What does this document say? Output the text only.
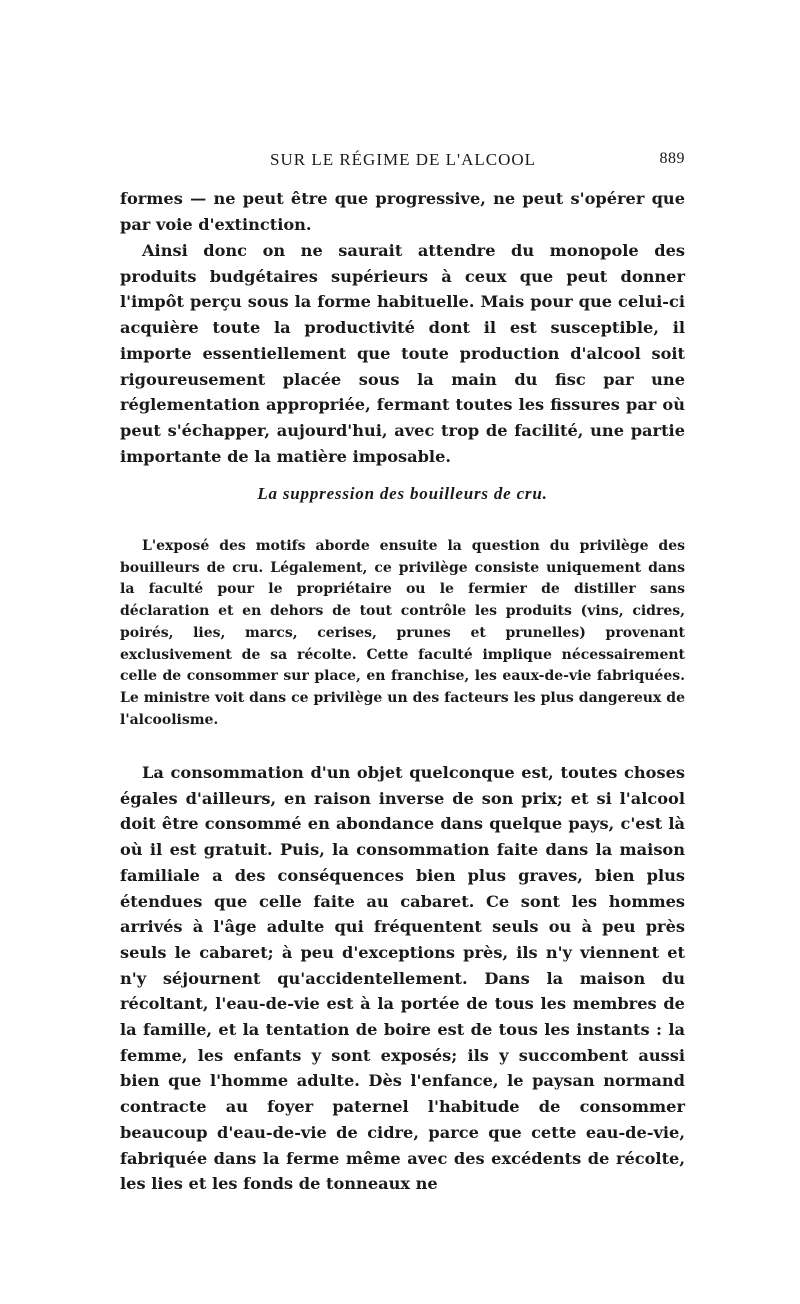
SUR LE RÉGIME DE L'ALCOOL	889

formes — ne peut être que progressive, ne peut s'opérer que par voie d'extinction.

Ainsi donc on ne saurait attendre du monopole des produits budgétaires supérieurs à ceux que peut donner l'impôt perçu sous la forme habituelle. Mais pour que celui-ci acquière toute la productivité dont il est susceptible, il importe essentiellement que toute production d'alcool soit rigoureusement placée sous la main du fisc par une réglementation appropriée, fermant toutes les fissures par où peut s'échapper, aujourd'hui, avec trop de facilité, une partie importante de la matière imposable.

La suppression des bouilleurs de cru.

L'exposé des motifs aborde ensuite la question du privilège des bouilleurs de cru. Légalement, ce privilège consiste uniquement dans la faculté pour le propriétaire ou le fermier de distiller sans déclaration et en dehors de tout contrôle les produits (vins, cidres, poirés, lies, marcs, cerises, prunes et prunelles) provenant exclusivement de sa récolte. Cette faculté implique nécessairement celle de consommer sur place, en franchise, les eaux-de-vie fabriquées. Le ministre voit dans ce privilège un des facteurs les plus dangereux de l'alcoolisme.

La consommation d'un objet quelconque est, toutes choses égales d'ailleurs, en raison inverse de son prix; et si l'alcool doit être consommé en abondance dans quelque pays, c'est là où il est gratuit. Puis, la consommation faite dans la maison familiale a des conséquences bien plus graves, bien plus étendues que celle faite au cabaret. Ce sont les hommes arrivés à l'âge adulte qui fréquentent seuls ou à peu près seuls le cabaret; à peu d'exceptions près, ils n'y viennent et n'y séjournent qu'accidentellement. Dans la maison du récoltant, l'eau-de-vie est à la portée de tous les membres de la famille, et la tentation de boire est de tous les instants : la femme, les enfants y sont exposés; ils y succombent aussi bien que l'homme adulte. Dès l'enfance, le paysan normand contracte au foyer paternel l'habitude de consommer beaucoup d'eau-de-vie de cidre, parce que cette eau-de-vie, fabriquée dans la ferme même avec des excédents de récolte, les lies et les fonds de tonneaux ne
